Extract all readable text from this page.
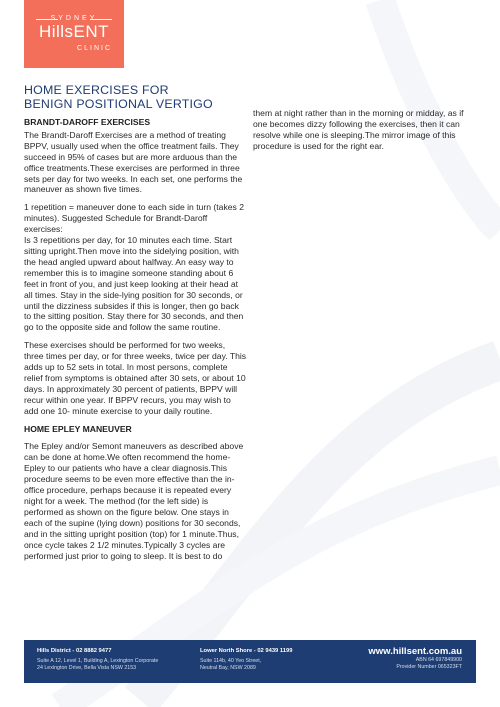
SYDNEY
HillsENT
CLINIC
HOME EXERCISES FOR
BENIGN POSITIONAL VERTIGO
BRANDT-DAROFF EXERCISES

The Brandt-Daroff Exercises are a method of treating BPPV, usually used when the office treatment fails. They succeed in 95% of cases but are more arduous than the office treatments.These exercises are performed in three sets per day for two weeks. In each set, one performs the maneuver as shown five times.

1 repetition = maneuver done to each side in turn (takes 2 minutes). Suggested Schedule for Brandt-Daroff exercises:
Is 3 repetitions per day, for 10 minutes each time. Start sitting upright.Then move into the sidelying position, with the head angled upward about halfway. An easy way to remember this is to imagine someone standing about 6 feet in front of you, and just keep looking at their head at all times. Stay in the side-lying position for 30 seconds, or until the dizziness subsides if this is longer, then go back to the sitting position. Stay there for 30 seconds, and then go to the opposite side and follow the same routine.

These exercises should be performed for two weeks, three times per day, or for three weeks, twice per day. This adds up to 52 sets in total. In most persons, complete relief from symptoms is obtained after 30 sets, or about 10 days. In approximately 30 percent of patients, BPPV will recur within one year. If BPPV recurs, you may wish to add one 10- minute exercise to your daily routine.

HOME EPLEY MANEUVER

The Epley and/or Semont maneuvers as described above can be done at home.We often recommend the home-Epley to our patients who have a clear diagnosis.This procedure seems to be even more effective than the in-office procedure, perhaps because it is repeated every night for a week. The method (for the left side) is performed as shown on the figure below. One stays in each of the supine (lying down) positions for 30 seconds, and in the sitting upright position (top) for 1 minute.Thus, once cycle takes 2 1/2 minutes.Typically 3 cycles are performed just prior to going to sleep. It is best to do

them at night rather than in the morning or midday, as if one becomes dizzy following the exercises, then it can resolve while one is sleeping.The mirror image of this procedure is used for the right ear.

Hills District - 02 8882 9477
Suite A 12, Level 1, Building A, Lexington Corporate
24 Lexington Drive, Bella Vista NSW 2153
Lower North Shore - 02 9439 1199
Suite 114b, 40 Yeo Street,
Neutral Bay, NSW 2089
www.hillsent.com.au
ABN 64 697849900
Provider Number 065323FT
